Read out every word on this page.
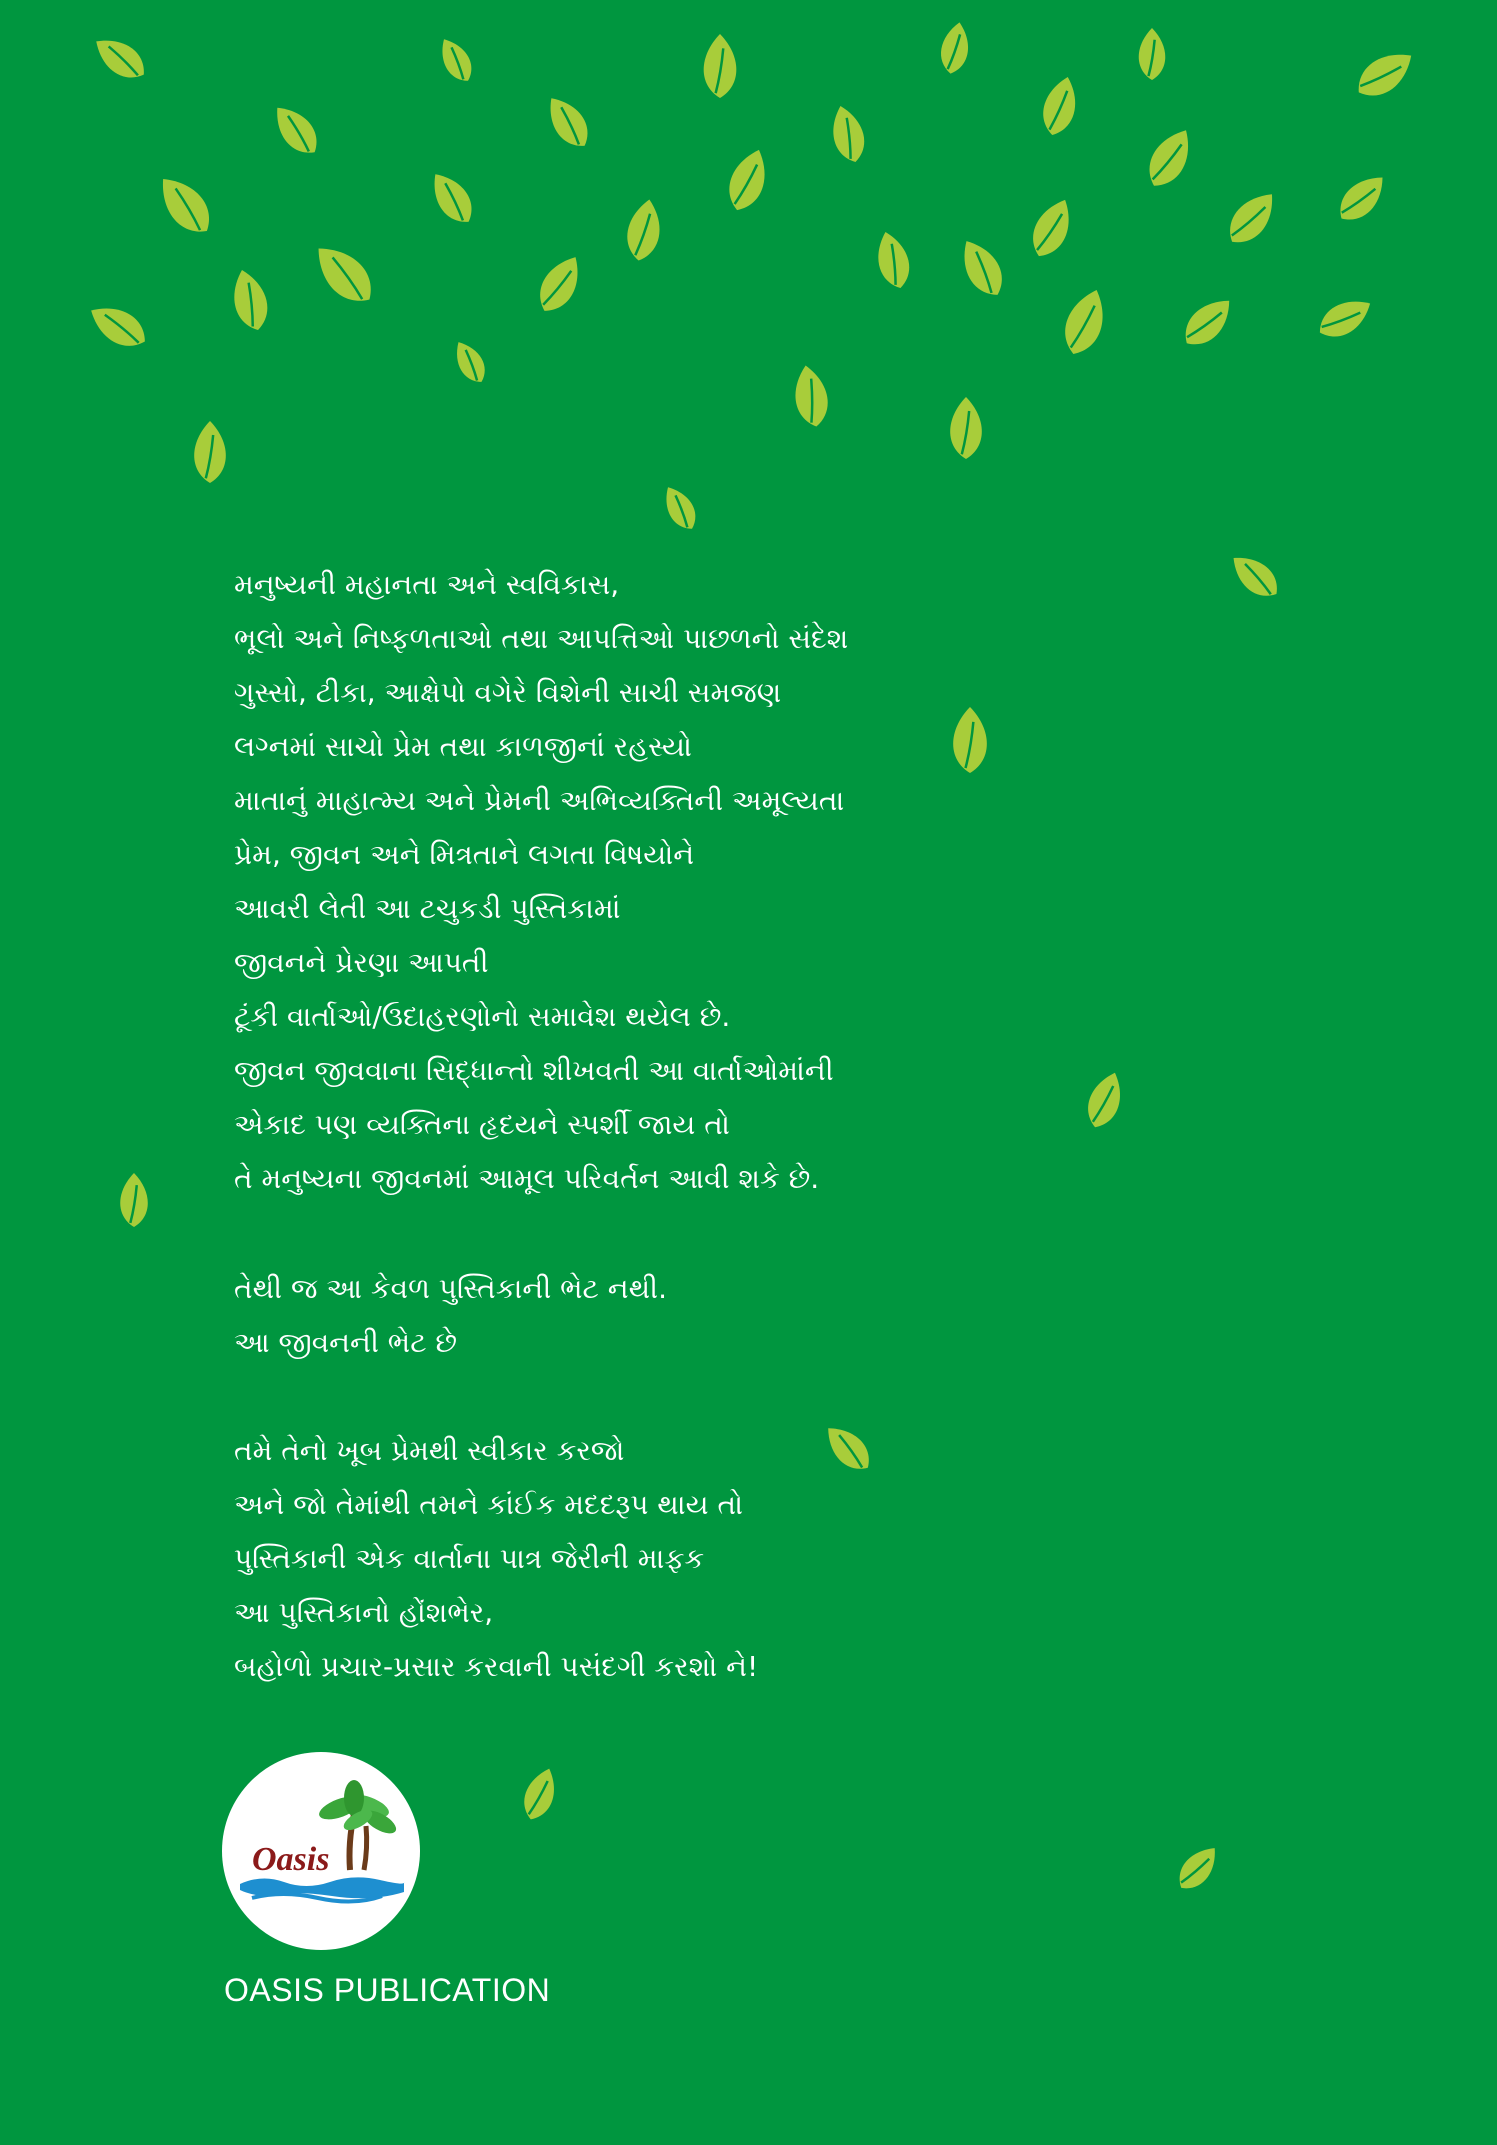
મનુષ્યની મહાનતા અને સ્વવિકાસ,
ભૂલો અને નિષ્ફળતાઓ તથા આપત્તિઓ પાછળનો સંદેશ
ગુસ્સો, ટીકા, આક્ષેપો વગેરે વિશેની સાચી સમજણ
લગ્નમાં સાચો પ્રેમ તથા કાળજીનાં રહસ્યો
માતાનું માહાત્મ્ય અને પ્રેમની અભિવ્યક્તિની અમૂલ્યતા
પ્રેમ, જીવન અને મિત્રતાને લગતા વિષયોને
આવરી લેતી આ ટચુકડી પુસ્તિકામાં
જીવનને પ્રેરણા આપતી
ટૂંકી વાર્તાઓ/ઉદાહરણોનો સમાવેશ થયેલ છે.
જીવન જીવવાના સિદ્ધાન્તો શીખવતી આ વાર્તાઓમાંની
એકાદ પણ વ્યક્તિના હૃદયને સ્પર્શી જાય તો
તે મનુષ્યના જીવનમાં આમૂલ પરિવર્તન આવી શકે છે.
તેથી જ આ કેવળ પુસ્તિકાની ભેટ નથી.
આ જીવનની ભેટ છે
તમે તેનો ખૂબ પ્રેમથી સ્વીકાર કરજો
અને જો તેમાંથી તમને કાંઈક મદદરૂપ થાય તો
પુસ્તિકાની એક વાર્તાના પાત્ર જેરીની માફક
આ પુસ્તિકાનો હોંશભેર,
બહોળો પ્રચાર-પ્રસાર કરવાની પસંદગી કરશો ને!
Oasis
OASIS PUBLICATION
